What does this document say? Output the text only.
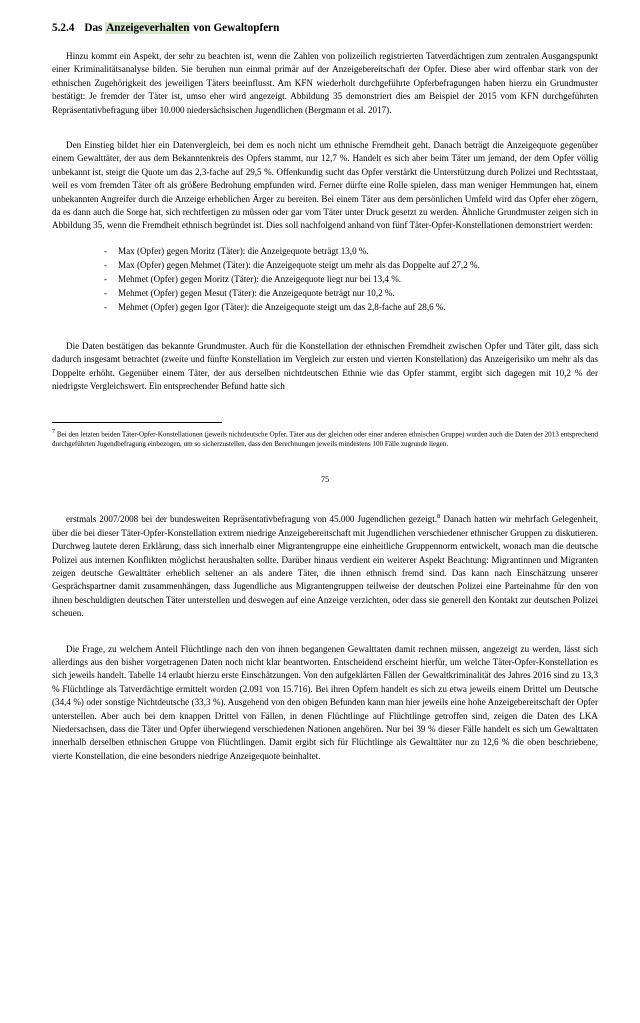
5.2.4 Das Anzeigeverhalten von Gewaltopfern

Hinzu kommt ein Aspekt, der sehr zu beachten ist, wenn die Zahlen von polizeilich registrierten Tatverdächtigen zum zentralen Ausgangspunkt einer Kriminalitätsanalyse bilden. Sie beruhen nun einmal primär auf der Anzeigebereitschaft der Opfer. Diese aber wird offenbar stark von der ethnischen Zugehörigkeit des jeweiligen Täters beeinflusst. Am KFN wiederholt durchgeführte Opferbefragungen haben hierzu ein Grundmuster bestätigt: Je fremder der Täter ist, umso eher wird angezeigt. Abbildung 35 demonstriert dies am Beispiel der 2015 vom KFN durchgeführten Repräsentativbefragung über 10.000 niedersächsischen Jugendlichen (Bergmann et al. 2017).

Den Einstieg bildet hier ein Datenvergleich, bei dem es noch nicht um ethnische Fremdheit geht. Danach beträgt die Anzeigequote gegenüber einem Gewalttäter, der aus dem Bekanntenkreis des Opfers stammt, nur 12,7 %. Handelt es sich aber beim Täter um jemand, der dem Opfer völlig unbekannt ist, steigt die Quote um das 2,3-fache auf 29,5 %. Offenkundig sucht das Opfer verstärkt die Unterstützung durch Polizei und Rechtsstaat, weil es vom fremden Täter oft als größere Bedrohung empfunden wird. Ferner dürfte eine Rolle spielen, dass man weniger Hemmungen hat, einem unbekannten Angreifer durch die Anzeige erheblichen Ärger zu bereiten. Bei einem Täter aus dem persönlichen Umfeld wird das Opfer eher zögern, da es dann auch die Sorge hat, sich rechtfertigen zu müssen oder gar vom Täter unter Druck gesetzt zu werden. Ähnliche Grundmuster zeigen sich in Abbildung 35, wenn die Fremdheit ethnisch begründet ist. Dies soll nachfolgend anhand von fünf Täter-Opfer-Konstellationen demonstriert werden:

- Max (Opfer) gegen Moritz (Täter): die Anzeigequote beträgt 13,0 %.
- Max (Opfer) gegen Mehmet (Täter): die Anzeigequote steigt um mehr als das Doppelte auf 27,2 %.
- Mehmet (Opfer) gegen Moritz (Täter): die Anzeigequote liegt nur bei 13,4 %.
- Mehmet (Opfer) gegen Mesut (Täter): die Anzeigequote beträgt nur 10,2 %.
- Mehmet (Opfer) gegen Igor (Täter): die Anzeigequote steigt um das 2,8-fache auf 28,6 %.

Die Daten bestätigen das bekannte Grundmuster. Auch für die Konstellation der ethnischen Fremdheit zwischen Opfer und Täter gilt, dass sich dadurch insgesamt betrachtet (zweite und fünfte Konstellation im Vergleich zur ersten und vierten Konstellation) das Anzeigerisiko um mehr als das Doppelte erhöht. Gegenüber einem Täter, der aus derselben nichtdeutschen Ethnie wie das Opfer stammt, ergibt sich dagegen mit 10,2 % der niedrigste Vergleichswert. Ein entsprechender Befund hatte sich

$^7$ Bei den letzten beiden Täter-Opfer-Konstellationen (jeweils nichtdeutsche Opfer, Täter aus der gleichen oder einer anderen ethnischen Gruppe) wurden auch die Daten der 2013 entsprechend durchgeführten Jugendbefragung einbezogen, um so sicherzustellen, dass den Berechnungen jeweils mindestens 100 Fälle zugrunde liegen.

75

erstmals 2007/2008 bei der bundesweiten Repräsentativbefragung von 45.000 Jugendlichen gezeigt.$^8$ Danach hatten wir mehrfach Gelegenheit, über die bei dieser Täter-Opfer-Konstellation extrem niedrige Anzeigebereitschaft mit Jugendlichen verschiedener ethnischer Gruppen zu diskutieren. Durchweg lautete deren Erklärung, dass sich innerhalb einer Migrantengruppe eine einheitliche Gruppennorm entwickelt, wonach man die deutsche Polizei aus internen Konflikten möglichst heraushalten sollte. Darüber hinaus verdient ein weiterer Aspekt Beachtung: Migrantinnen und Migranten zeigen deutsche Gewalttäter erheblich seltener an als andere Täter, die ihnen ethnisch fremd sind. Das kann nach Einschätzung unserer Gesprächspartner damit zusammenhängen, dass Jugendliche aus Migrantengruppen teilweise der deutschen Polizei eine Parteinahme für den von ihnen beschuldigten deutschen Täter unterstellen und deswegen auf eine Anzeige verzichten, oder dass sie generell den Kontakt zur deutschen Polizei scheuen.

Die Frage, zu welchem Anteil Flüchtlinge nach den von ihnen begangenen Gewalttaten damit rechnen müssen, angezeigt zu werden, lässt sich allerdings aus den bisher vorgetragenen Daten noch nicht klar beantworten. Entscheidend erscheint hierfür, um welche Täter-Opfer-Konstellation es sich jeweils handelt. Tabelle 14 erlaubt hierzu erste Einschätzungen. Von den aufgeklärten Fällen der Gewaltkriminalität des Jahres 2016 sind zu 13,3 % Flüchtlinge als Tatverdächtige ermittelt worden (2.091 von 15.716). Bei ihren Opfern handelt es sich zu etwa jeweils einem Drittel um Deutsche (34,4 %) oder sonstige Nichtdeutsche (33,3 %). Ausgehend von den obigen Befunden kann man hier jeweils eine hohe Anzeigebereitschaft der Opfer unterstellen. Aber auch bei dem knappen Drittel von Fällen, in denen Flüchtlinge auf Flüchtlinge getroffen sind, zeigen die Daten des LKA Niedersachsen, dass die Täter und Opfer überwiegend verschiedenen Nationen angehören. Nur bei 39 % dieser Fälle handelt es sich um Gewalttaten innerhalb derselben ethnischen Gruppe von Flüchtlingen. Damit ergibt sich für Flüchtlinge als Gewalttäter nur zu 12,6 % die oben beschriebene, vierte Konstellation, die eine besonders niedrige Anzeigequote beinhaltet.
